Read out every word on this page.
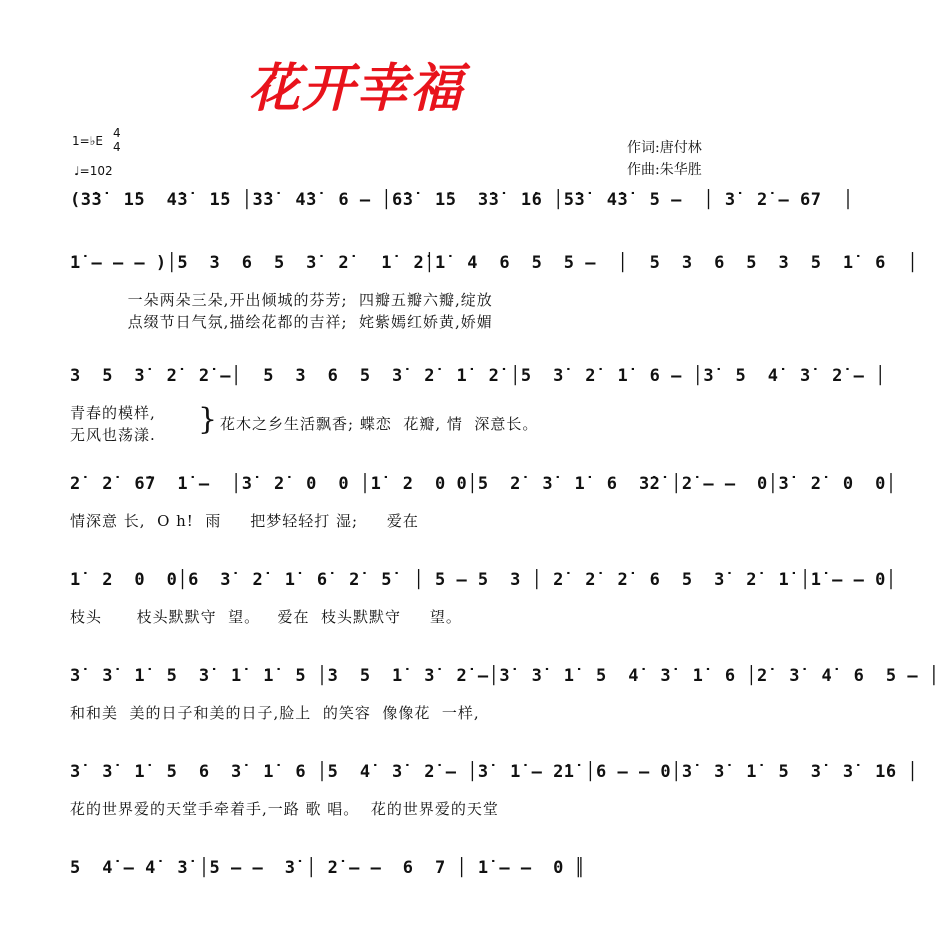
花开幸福
1=♭E
4
4
♩=102
作词:唐付林
作曲:朱华胜
(3̇3̇  1̇5  4̇3̇  1̇5 │3̇3̇  4̇3̇  6 – │6̇3̇  1̇5  3̇3̇  1̇6 │5̇3̇  4̇3̇  5 –  │ 3̇  2̇ – 67  │
1̇ – – – )│5  3  6  5  3̇  2̇   1̇  2̇│1̇  4  6  5  5 –  │  5  3  6  5  3  5  1̇  6  │
一朵两朵三朵,开出倾城的芬芳;  四瓣五瓣六瓣,绽放
点缀节日气氛,描绘花都的吉祥;  姹紫嫣红娇黄,娇媚
3  5  3̇  2̇  2̇ –│  5  3  6  5  3̇  2̇  1̇  2̇ │5  3̇  2̇  1̇  6 – │3̇  5  4̇  3̇  2̇ – │
青春的模样,
无风也荡漾. } 花木之乡生活飘香; 蝶恋  花瓣, 情  深意长。
2̇  2̇  6̇7  1̇ –  │3̇  2̇  0  0 │1̇  2  0 0│5  2̇  3̇  1̇  6  3̇2̇ │2̇ – –  0│3̇  2̇  0  0│
情深意 长,  O h!  雨     把梦轻轻打 湿;     爱在
1̇  2  0  0│6  3̇  2̇  1̇  6̇  2̇  5̇  │ 5 – 5  3 │ 2̇  2̇  2̇  6  5  3̇  2̇  1̇ │1̇ – – 0│
枝头      枝头默默守  望。   爱在  枝头默默守     望。
3̇  3̇  1̇  5  3̇  1̇  1̇  5 │3  5  1̇  3̇  2̇ –│3̇  3̇  1̇  5  4̇  3̇  1̇  6 │2̇  3̇  4̇  6  5 – │
和和美  美的日子和美的日子,脸上  的笑容  像像花  一样,
3̇  3̇  1̇  5  6  3̇  1̇  6 │5  4̇  3̇  2̇ – │3̇  1̇ – 2̇1̇ │6 – – 0│3̇  3̇  1̇  5  3̇  3̇  1̇6 │
花的世界爱的天堂手牵着手,一路 歌 唱。  花的世界爱的天堂
5  4̇ – 4̇  3̇ │5 – –  3̇ │ 2̇ – –  6  7 │ 1̇ – –  0 ║
